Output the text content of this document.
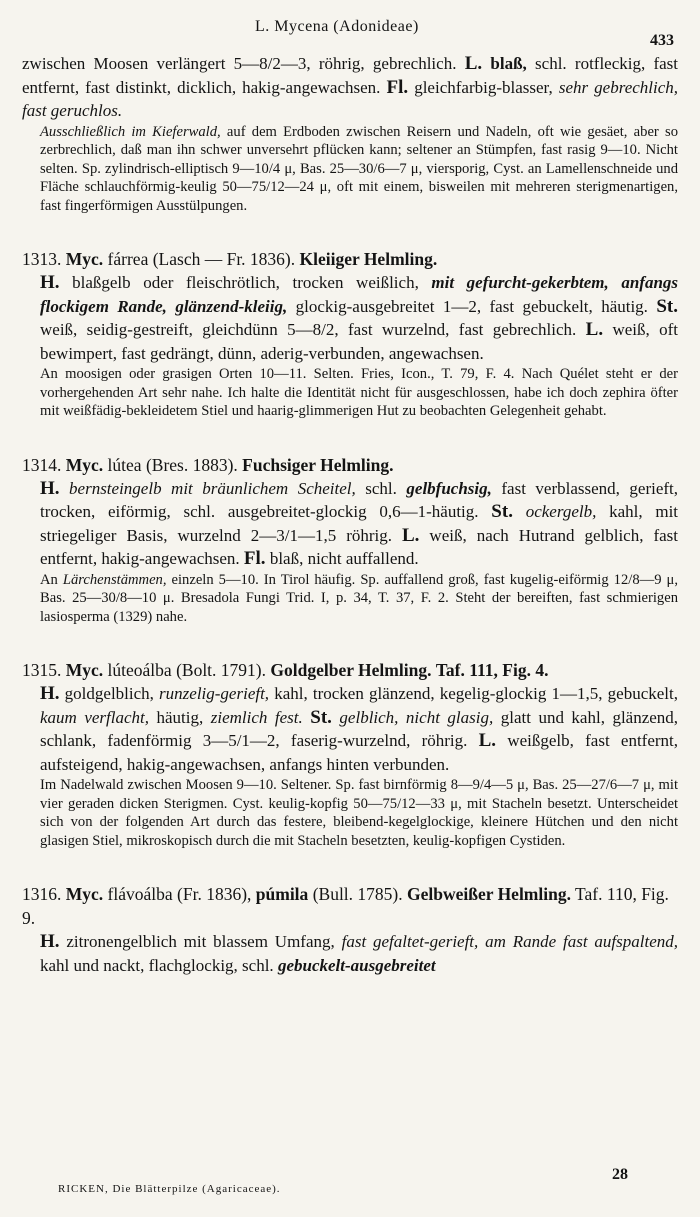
L. Mycena (Adonideae)
433
zwischen Moosen verlängert 5—8/2—3, röhrig, gebrechlich. L. blaß, schl. rotfleckig, fast entfernt, fast distinkt, dicklich, hakig-angewachsen. Fl. gleichfarbig-blasser, sehr gebrechlich, fast geruchlos.
Ausschließlich im Kieferwald, auf dem Erdboden zwischen Reisern und Nadeln, oft wie gesäet, aber so zerbrechlich, daß man ihn schwer unversehrt pflücken kann; seltener an Stümpfen, fast rasig 9—10. Nicht selten. Sp. zylindrisch-elliptisch 9—10/4 μ, Bas. 25—30/6—7 μ, viersporig, Cyst. an Lamellenschneide und Fläche schlauchförmig-keulig 50—75/12—24 μ, oft mit einem, bisweilen mit mehreren sterigmenartigen, fast fingerförmigen Ausstülpungen.
1313. Myc. fárrea (Lasch — Fr. 1836). Kleiiger Helmling.
H. blaßgelb oder fleischrötlich, trocken weißlich, mit gefurcht-gekerbtem, anfangs flockigem Rande, glänzend-kleiig, glockig-ausgebreitet 1—2, fast gebuckelt, häutig. St. weiß, seidig-gestreift, gleichdünn 5—8/2, fast wurzelnd, fast gebrechlich. L. weiß, oft bewimpert, fast gedrängt, dünn, aderig-verbunden, angewachsen.
An moosigen oder grasigen Orten 10—11. Selten. Fries, Icon., T. 79, F. 4. Nach Quélet steht er der vorhergehenden Art sehr nahe. Ich halte die Identität nicht für ausgeschlossen, habe ich doch zephira öfter mit weißfädig-bekleidetem Stiel und haarig-glimmerigen Hut zu beobachten Gelegenheit gehabt.
1314. Myc. lútea (Bres. 1883). Fuchsiger Helmling.
H. bernsteingelb mit bräunlichem Scheitel, schl. gelbfuchsig, fast verblassend, gerieft, trocken, eiförmig, schl. ausgebreitet-glockig 0,6—1-häutig. St. ockergelb, kahl, mit striegeliger Basis, wurzelnd 2—3/1—1,5 röhrig. L. weiß, nach Hutrand gelblich, fast entfernt, hakig-angewachsen. Fl. blaß, nicht auffallend.
An Lärchenstämmen, einzeln 5—10. In Tirol häufig. Sp. auffallend groß, fast kugelig-eiförmig 12/8—9 μ, Bas. 25—30/8—10 μ. Bresadola Fungi Trid. I, p. 34, T. 37, F. 2. Steht der bereiften, fast schmierigen lasiosperma (1329) nahe.
1315. Myc. lúteoálba (Bolt. 1791). Goldgelber Helmling. Taf. 111, Fig. 4.
H. goldgelblich, runzelig-gerieft, kahl, trocken glänzend, kegelig-glockig 1—1,5, gebuckelt, kaum verflacht, häutig, ziemlich fest. St. gelblich, nicht glasig, glatt und kahl, glänzend, schlank, fadenförmig 3—5/1—2, faserig-wurzelnd, röhrig. L. weißgelb, fast entfernt, aufsteigend, hakig-angewachsen, anfangs hinten verbunden.
Im Nadelwald zwischen Moosen 9—10. Seltener. Sp. fast birnförmig 8—9/4—5 μ, Bas. 25—27/6—7 μ, mit vier geraden dicken Sterigmen. Cyst. keulig-kopfig 50—75/12—33 μ, mit Stacheln besetzt. Unterscheidet sich von der folgenden Art durch das festere, bleibend-kegelglockige, kleinere Hütchen und den nicht glasigen Stiel, mikroskopisch durch die mit Stacheln besetzten, keulig-kopfigen Cystiden.
1316. Myc. flávoálba (Fr. 1836), púmila (Bull. 1785). Gelbweißer Helmling. Taf. 110, Fig. 9.
H. zitronengelblich mit blassem Umfang, fast gefaltet-gerieft, am Rande fast aufspaltend, kahl und nackt, flachglockig, schl. gebuckelt-ausgebreitet
RICKEN, Die Blätterpilze (Agaricaceae).
28
